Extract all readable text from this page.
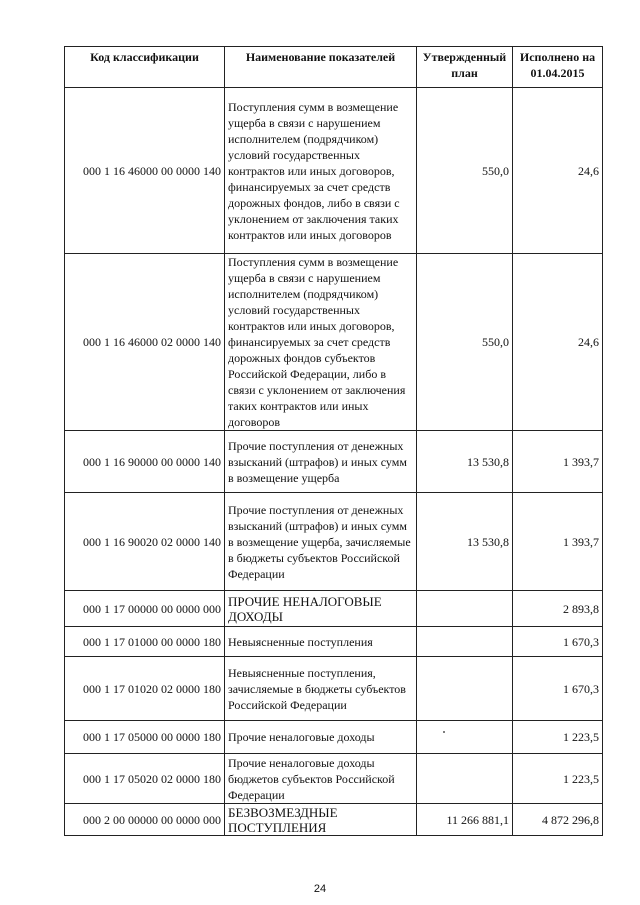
Код классификации	Наименование показателей	Утвержденный план	Исполнено на 01.04.2015
000 1 16 46000 00 0000 140	Поступления сумм в возмещение ущерба в связи с нарушением исполнителем (подрядчиком) условий государственных контрактов или иных договоров, финансируемых за счет средств дорожных фондов, либо в связи с уклонением от заключения таких контрактов или иных договоров	550,0	24,6
000 1 16 46000 02 0000 140	Поступления сумм в возмещение ущерба в связи с нарушением исполнителем (подрядчиком) условий государственных контрактов или иных договоров, финансируемых за счет средств дорожных фондов субъектов Российской Федерации, либо в связи с уклонением от заключения таких контрактов или иных договоров	550,0	24,6
000 1 16 90000 00 0000 140	Прочие поступления от денежных взысканий (штрафов) и иных сумм в возмещение ущерба	13 530,8	1 393,7
000 1 16 90020 02 0000 140	Прочие поступления от денежных взысканий (штрафов) и иных сумм в возмещение ущерба, зачисляемые в бюджеты субъектов Российской Федерации	13 530,8	1 393,7
000 1 17 00000 00 0000 000	ПРОЧИЕ НЕНАЛОГОВЫЕ ДОХОДЫ		2 893,8
000 1 17 01000 00 0000 180	Невыясненные поступления		1 670,3
000 1 17 01020 02 0000 180	Невыясненные поступления, зачисляемые в бюджеты субъектов Российской Федерации		1 670,3
000 1 17 05000 00 0000 180	Прочие неналоговые доходы		1 223,5
000 1 17 05020 02 0000 180	Прочие неналоговые доходы бюджетов субъектов Российской Федерации		1 223,5
000 2 00 00000 00 0000 000	БЕЗВОЗМЕЗДНЫЕ ПОСТУПЛЕНИЯ	11 266 881,1	4 872 296,8
24
